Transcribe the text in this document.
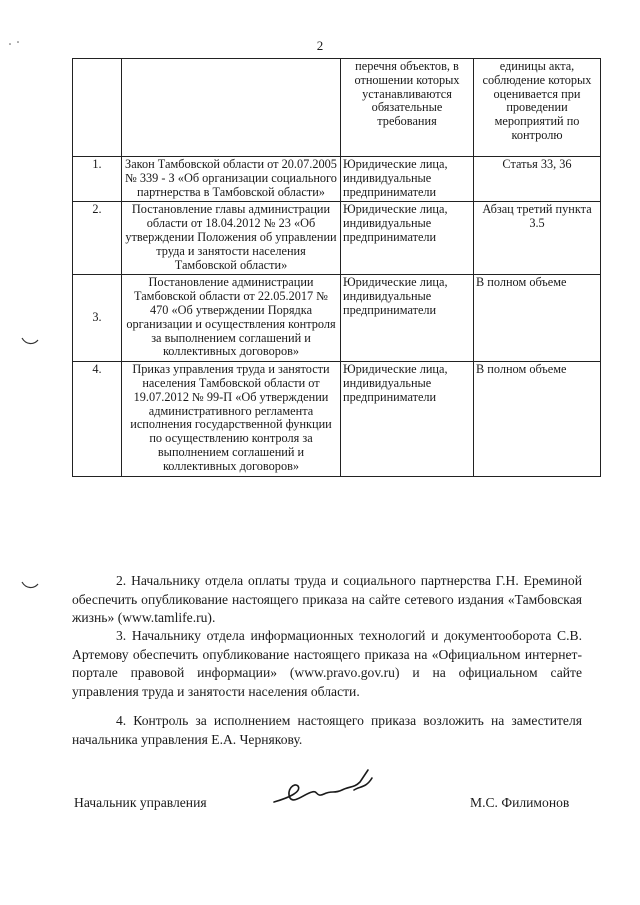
2
		перечня объектов, в отношении которых устанавливаются обязательные требования	единицы акта, соблюдение которых оценивается при проведении мероприятий по контролю
1.	Закон Тамбовской области от 20.07.2005 № 339 - З «Об организации социального партнерства в Тамбовской области»	Юридические лица, индивидуальные предприниматели	Статья 33, 36
2.	Постановление главы администрации области от 18.04.2012 № 23 «Об утверждении Положения об управлении труда и занятости населения Тамбовской области»	Юридические лица, индивидуальные предприниматели	Абзац третий пункта 3.5
3.	Постановление администрации Тамбовской области от 22.05.2017 № 470 «Об утверждении Порядка организации и осуществления контроля за выполнением соглашений и коллективных договоров»	Юридические лица, индивидуальные предприниматели	В полном объеме
4.	Приказ управления труда и занятости населения Тамбовской области от 19.07.2012 № 99-П «Об утверждении административного регламента исполнения государственной функции по осуществлению контроля за выполнением соглашений и коллективных договоров»	Юридические лица, индивидуальные предприниматели	В полном объеме
2. Начальнику отдела оплаты труда и социального партнерства Г.Н. Ереминой обеспечить опубликование настоящего приказа на сайте сетевого издания «Тамбовская жизнь» (www.tamlife.ru).
3. Начальнику отдела информационных технологий и документооборота С.В. Артемову обеспечить опубликование настоящего приказа на «Официальном интернет-портале правовой информации» (www.pravo.gov.ru) и на официальном сайте управления труда и занятости населения области.
4. Контроль за исполнением настоящего приказа возложить на заместителя начальника управления Е.А. Чернякову.
Начальник управления	М.С. Филимонов
